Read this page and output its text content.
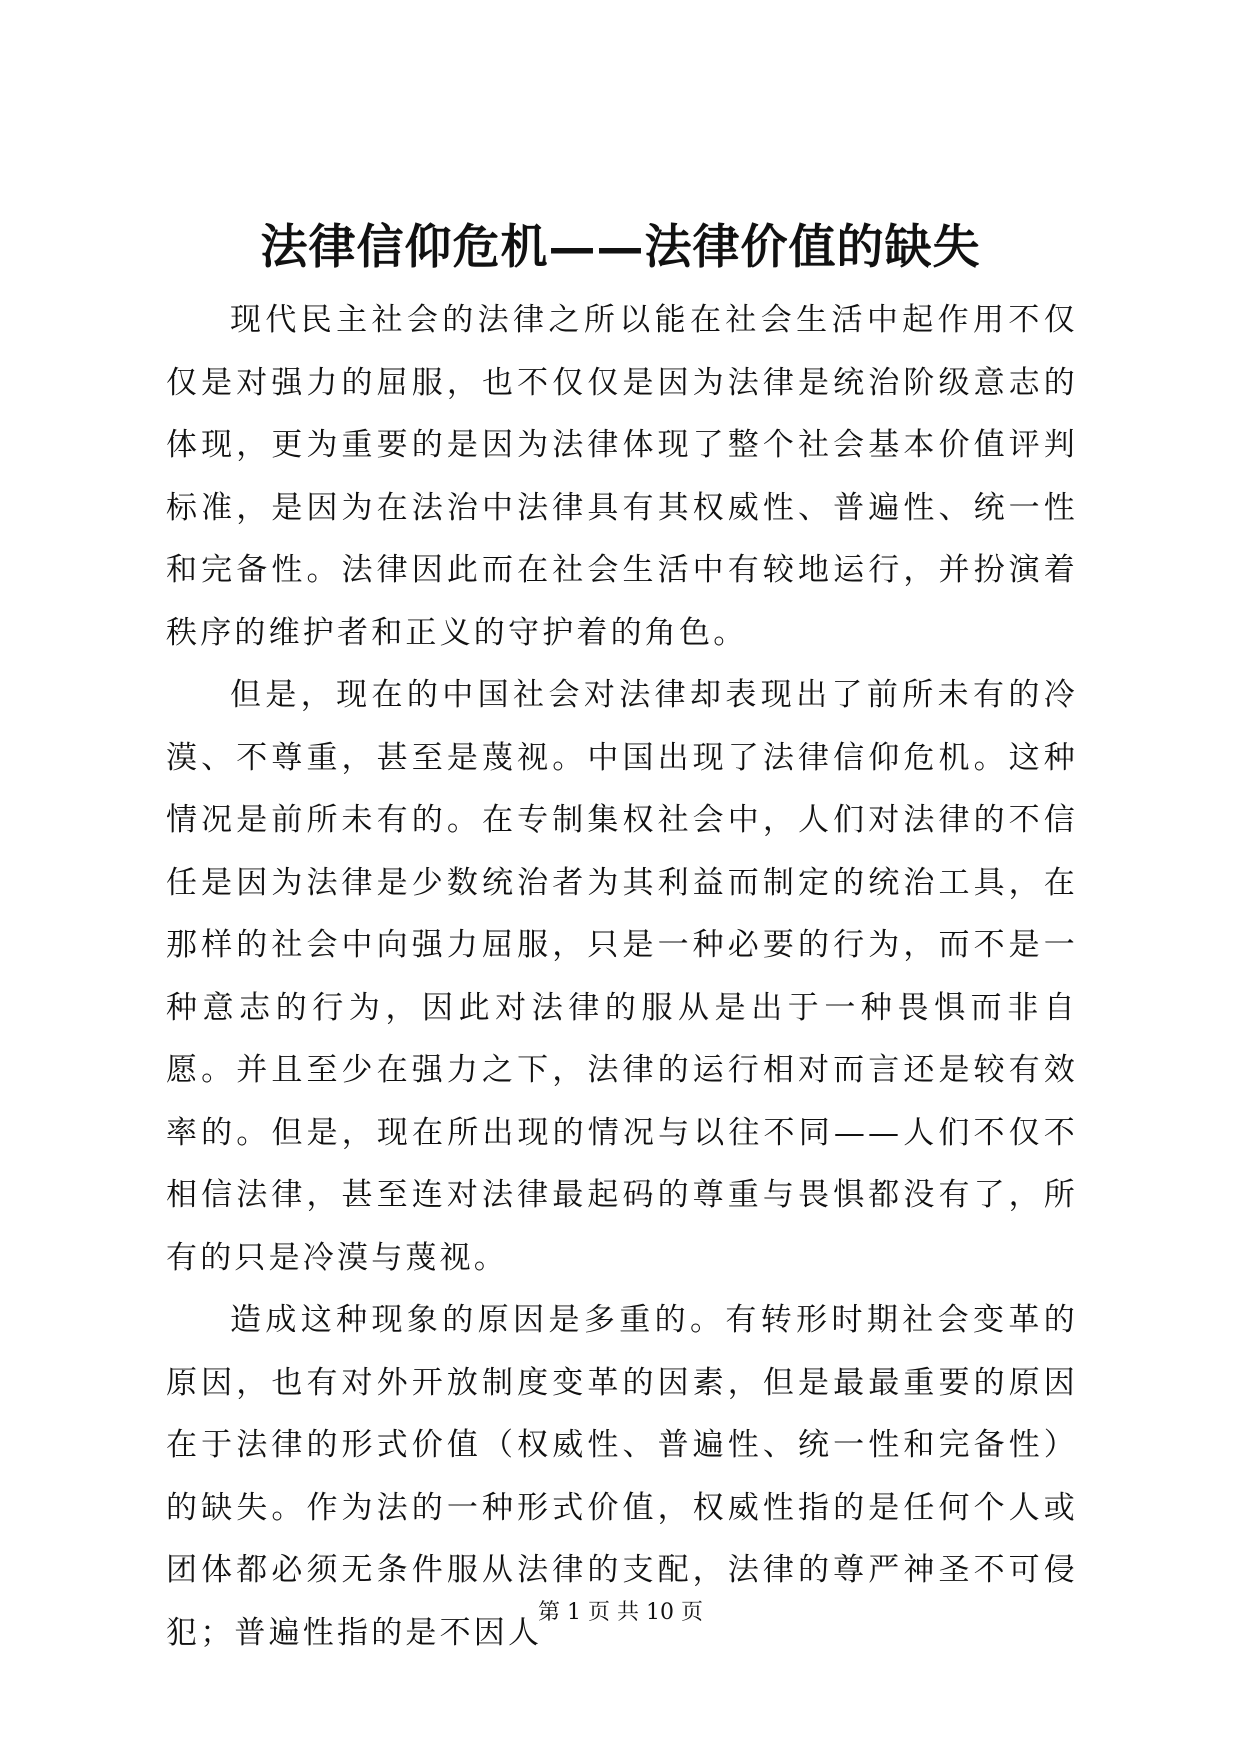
法律信仰危机——法律价值的缺失

现代民主社会的法律之所以能在社会生活中起作用不仅仅是对强力的屈服，也不仅仅是因为法律是统治阶级意志的体现，更为重要的是因为法律体现了整个社会基本价值评判标准，是因为在法治中法律具有其权威性、普遍性、统一性和完备性。法律因此而在社会生活中有较地运行，并扮演着秩序的维护者和正义的守护着的角色。

但是，现在的中国社会对法律却表现出了前所未有的冷漠、不尊重，甚至是蔑视。中国出现了法律信仰危机。这种情况是前所未有的。在专制集权社会中，人们对法律的不信任是因为法律是少数统治者为其利益而制定的统治工具，在那样的社会中向强力屈服，只是一种必要的行为，而不是一种意志的行为，因此对法律的服从是出于一种畏惧而非自愿。并且至少在强力之下，法律的运行相对而言还是较有效率的。但是，现在所出现的情况与以往不同——人们不仅不相信法律，甚至连对法律最起码的尊重与畏惧都没有了，所有的只是冷漠与蔑视。

造成这种现象的原因是多重的。有转形时期社会变革的原因，也有对外开放制度变革的因素，但是最最重要的原因在于法律的形式价值（权威性、普遍性、统一性和完备性）的缺失。作为法的一种形式价值，权威性指的是任何个人或团体都必须无条件服从法律的支配，法律的尊严神圣不可侵犯；普遍性指的是不因人

第 1 页 共 10 页
